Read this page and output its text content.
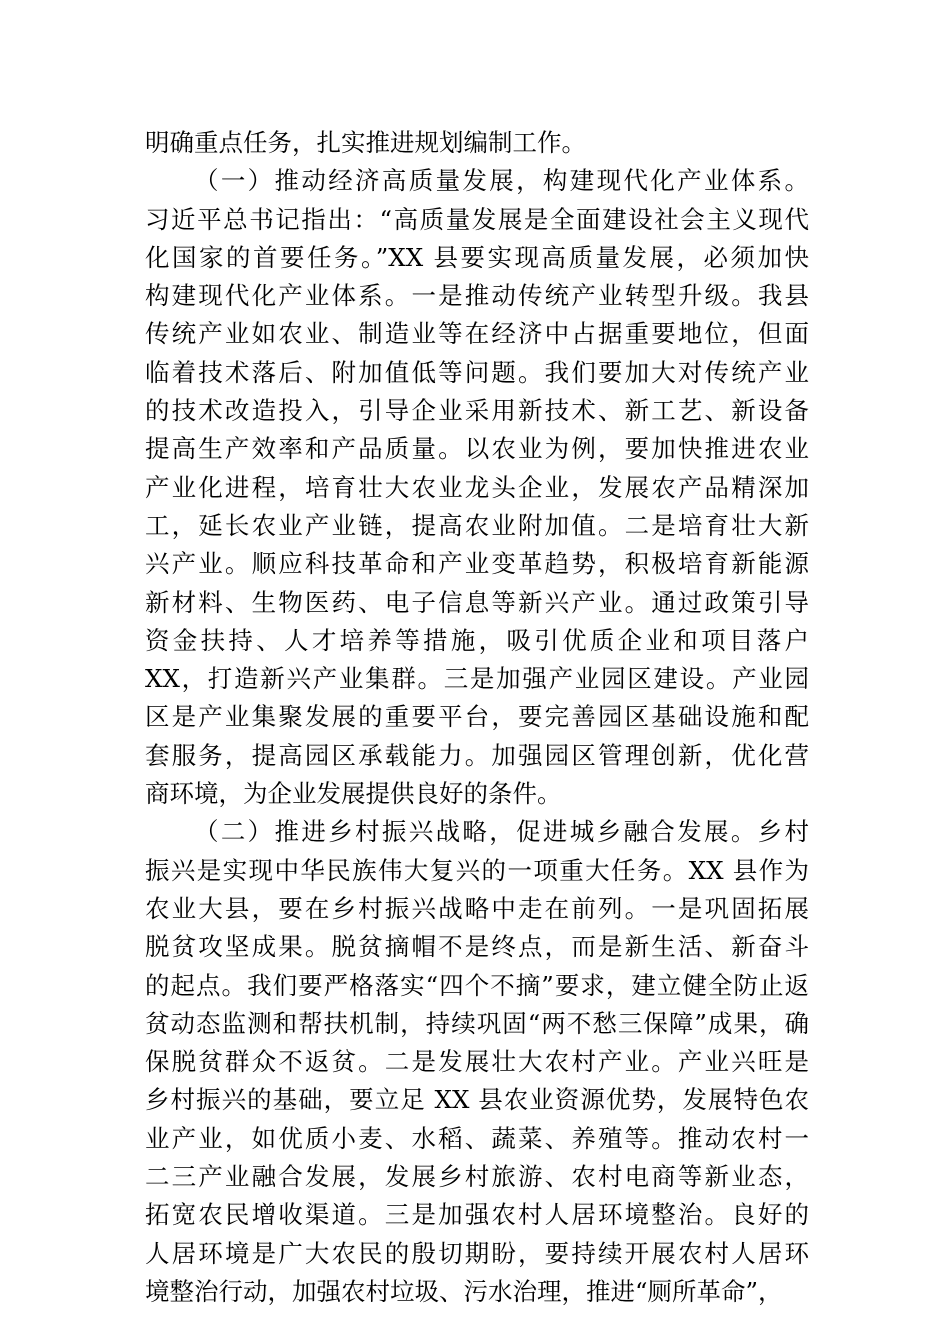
明确重点任务，扎实推进规划编制工作。
（一）推动经济高质量发展，构建现代化产业体系。
习近平总书记指出：“高质量发展是全面建设社会主义现代
化国家的首要任务。”XX 县要实现高质量发展，必须加快
构建现代化产业体系。一是推动传统产业转型升级。我县
传统产业如农业、制造业等在经济中占据重要地位，但面
临着技术落后、附加值低等问题。我们要加大对传统产业
的技术改造投入，引导企业采用新技术、新工艺、新设备
提高生产效率和产品质量。以农业为例，要加快推进农业
产业化进程，培育壮大农业龙头企业，发展农产品精深加
工，延长农业产业链，提高农业附加值。二是培育壮大新
兴产业。顺应科技革命和产业变革趋势，积极培育新能源
新材料、生物医药、电子信息等新兴产业。通过政策引导
资金扶持、人才培养等措施，吸引优质企业和项目落户
XX，打造新兴产业集群。三是加强产业园区建设。产业园
区是产业集聚发展的重要平台，要完善园区基础设施和配
套服务，提高园区承载能力。加强园区管理创新，优化营
商环境，为企业发展提供良好的条件。
（二）推进乡村振兴战略，促进城乡融合发展。乡村
振兴是实现中华民族伟大复兴的一项重大任务。XX 县作为
农业大县，要在乡村振兴战略中走在前列。一是巩固拓展
脱贫攻坚成果。脱贫摘帽不是终点，而是新生活、新奋斗
的起点。我们要严格落实“四个不摘”要求，建立健全防止返
贫动态监测和帮扶机制，持续巩固“两不愁三保障”成果，确
保脱贫群众不返贫。二是发展壮大农村产业。产业兴旺是
乡村振兴的基础，要立足 XX 县农业资源优势，发展特色农
业产业，如优质小麦、水稻、蔬菜、养殖等。推动农村一
二三产业融合发展，发展乡村旅游、农村电商等新业态，
拓宽农民增收渠道。三是加强农村人居环境整治。良好的
人居环境是广大农民的殷切期盼，要持续开展农村人居环
境整治行动，加强农村垃圾、污水治理，推进“厕所革命”，
